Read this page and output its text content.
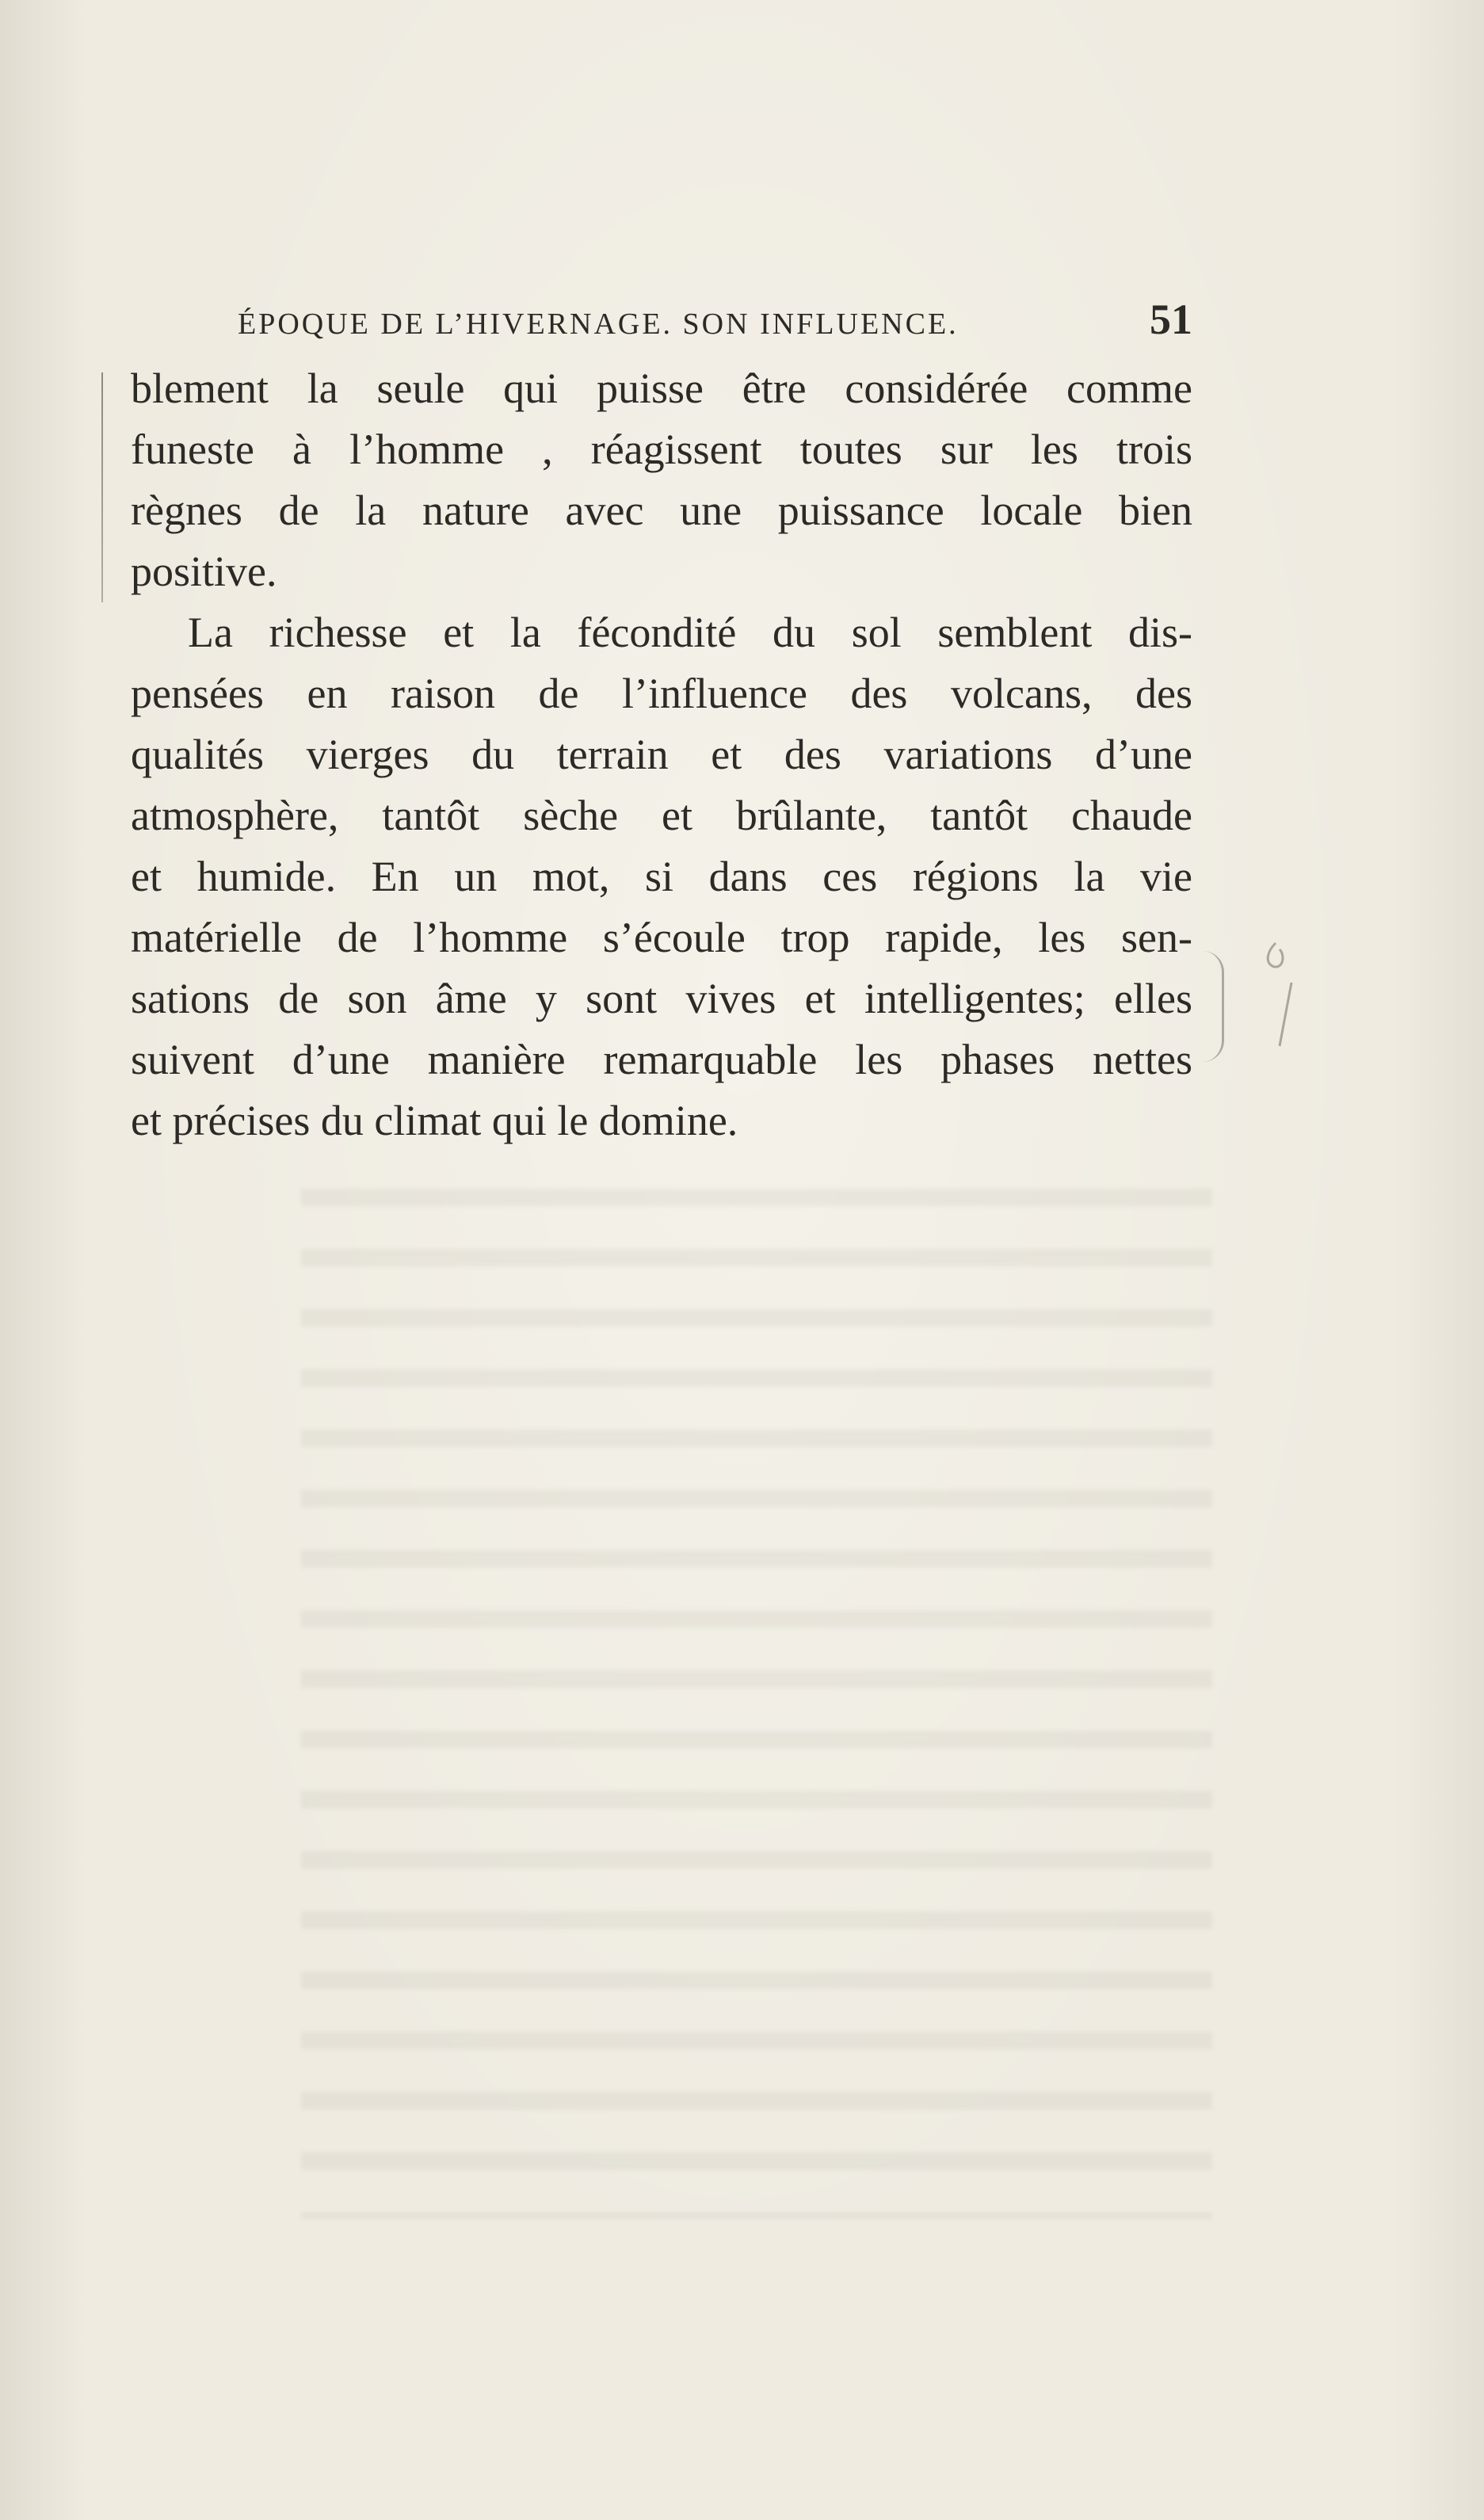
ÉPOQUE DE L’HIVERNAGE. SON INFLUENCE.	51
blement la seule qui puisse être considérée comme
funeste à l’homme , réagissent toutes sur les trois
règnes de la nature avec une puissance locale bien
positive.
La richesse et la fécondité du sol semblent dis-
pensées en raison de l’influence des volcans, des
qualités vierges du terrain et des variations d’une
atmosphère, tantôt sèche et brûlante, tantôt chaude
et humide. En un mot, si dans ces régions la vie
matérielle de l’homme s’écoule trop rapide, les sen-
sations de son âme y sont vives et intelligentes; elles
suivent d’une manière remarquable les phases nettes
et précises du climat qui le domine.
